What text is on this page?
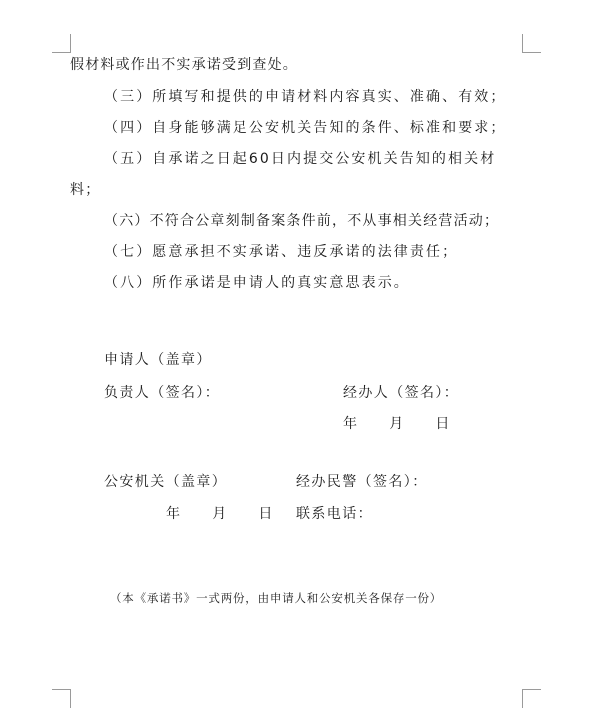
假材料或作出不实承诺受到查处。
（三）所填写和提供的申请材料内容真实、准确、有效；
（四）自身能够满足公安机关告知的条件、标准和要求；
（五）自承诺之日起60日内提交公安机关告知的相关材
料；
（六）不符合公章刻制备案条件前，不从事相关经营活动；
（七）愿意承担不实承诺、违反承诺的法律责任；
（八）所作承诺是申请人的真实意思表示。
申请人（盖章）
负责人（签名）：	经办人（签名）：
年　　月　　日
公安机关（盖章）	经办民警（签名）：
年　　月　　日 联系电话：
（本《承诺书》一式两份，由申请人和公安机关各保存一份）
